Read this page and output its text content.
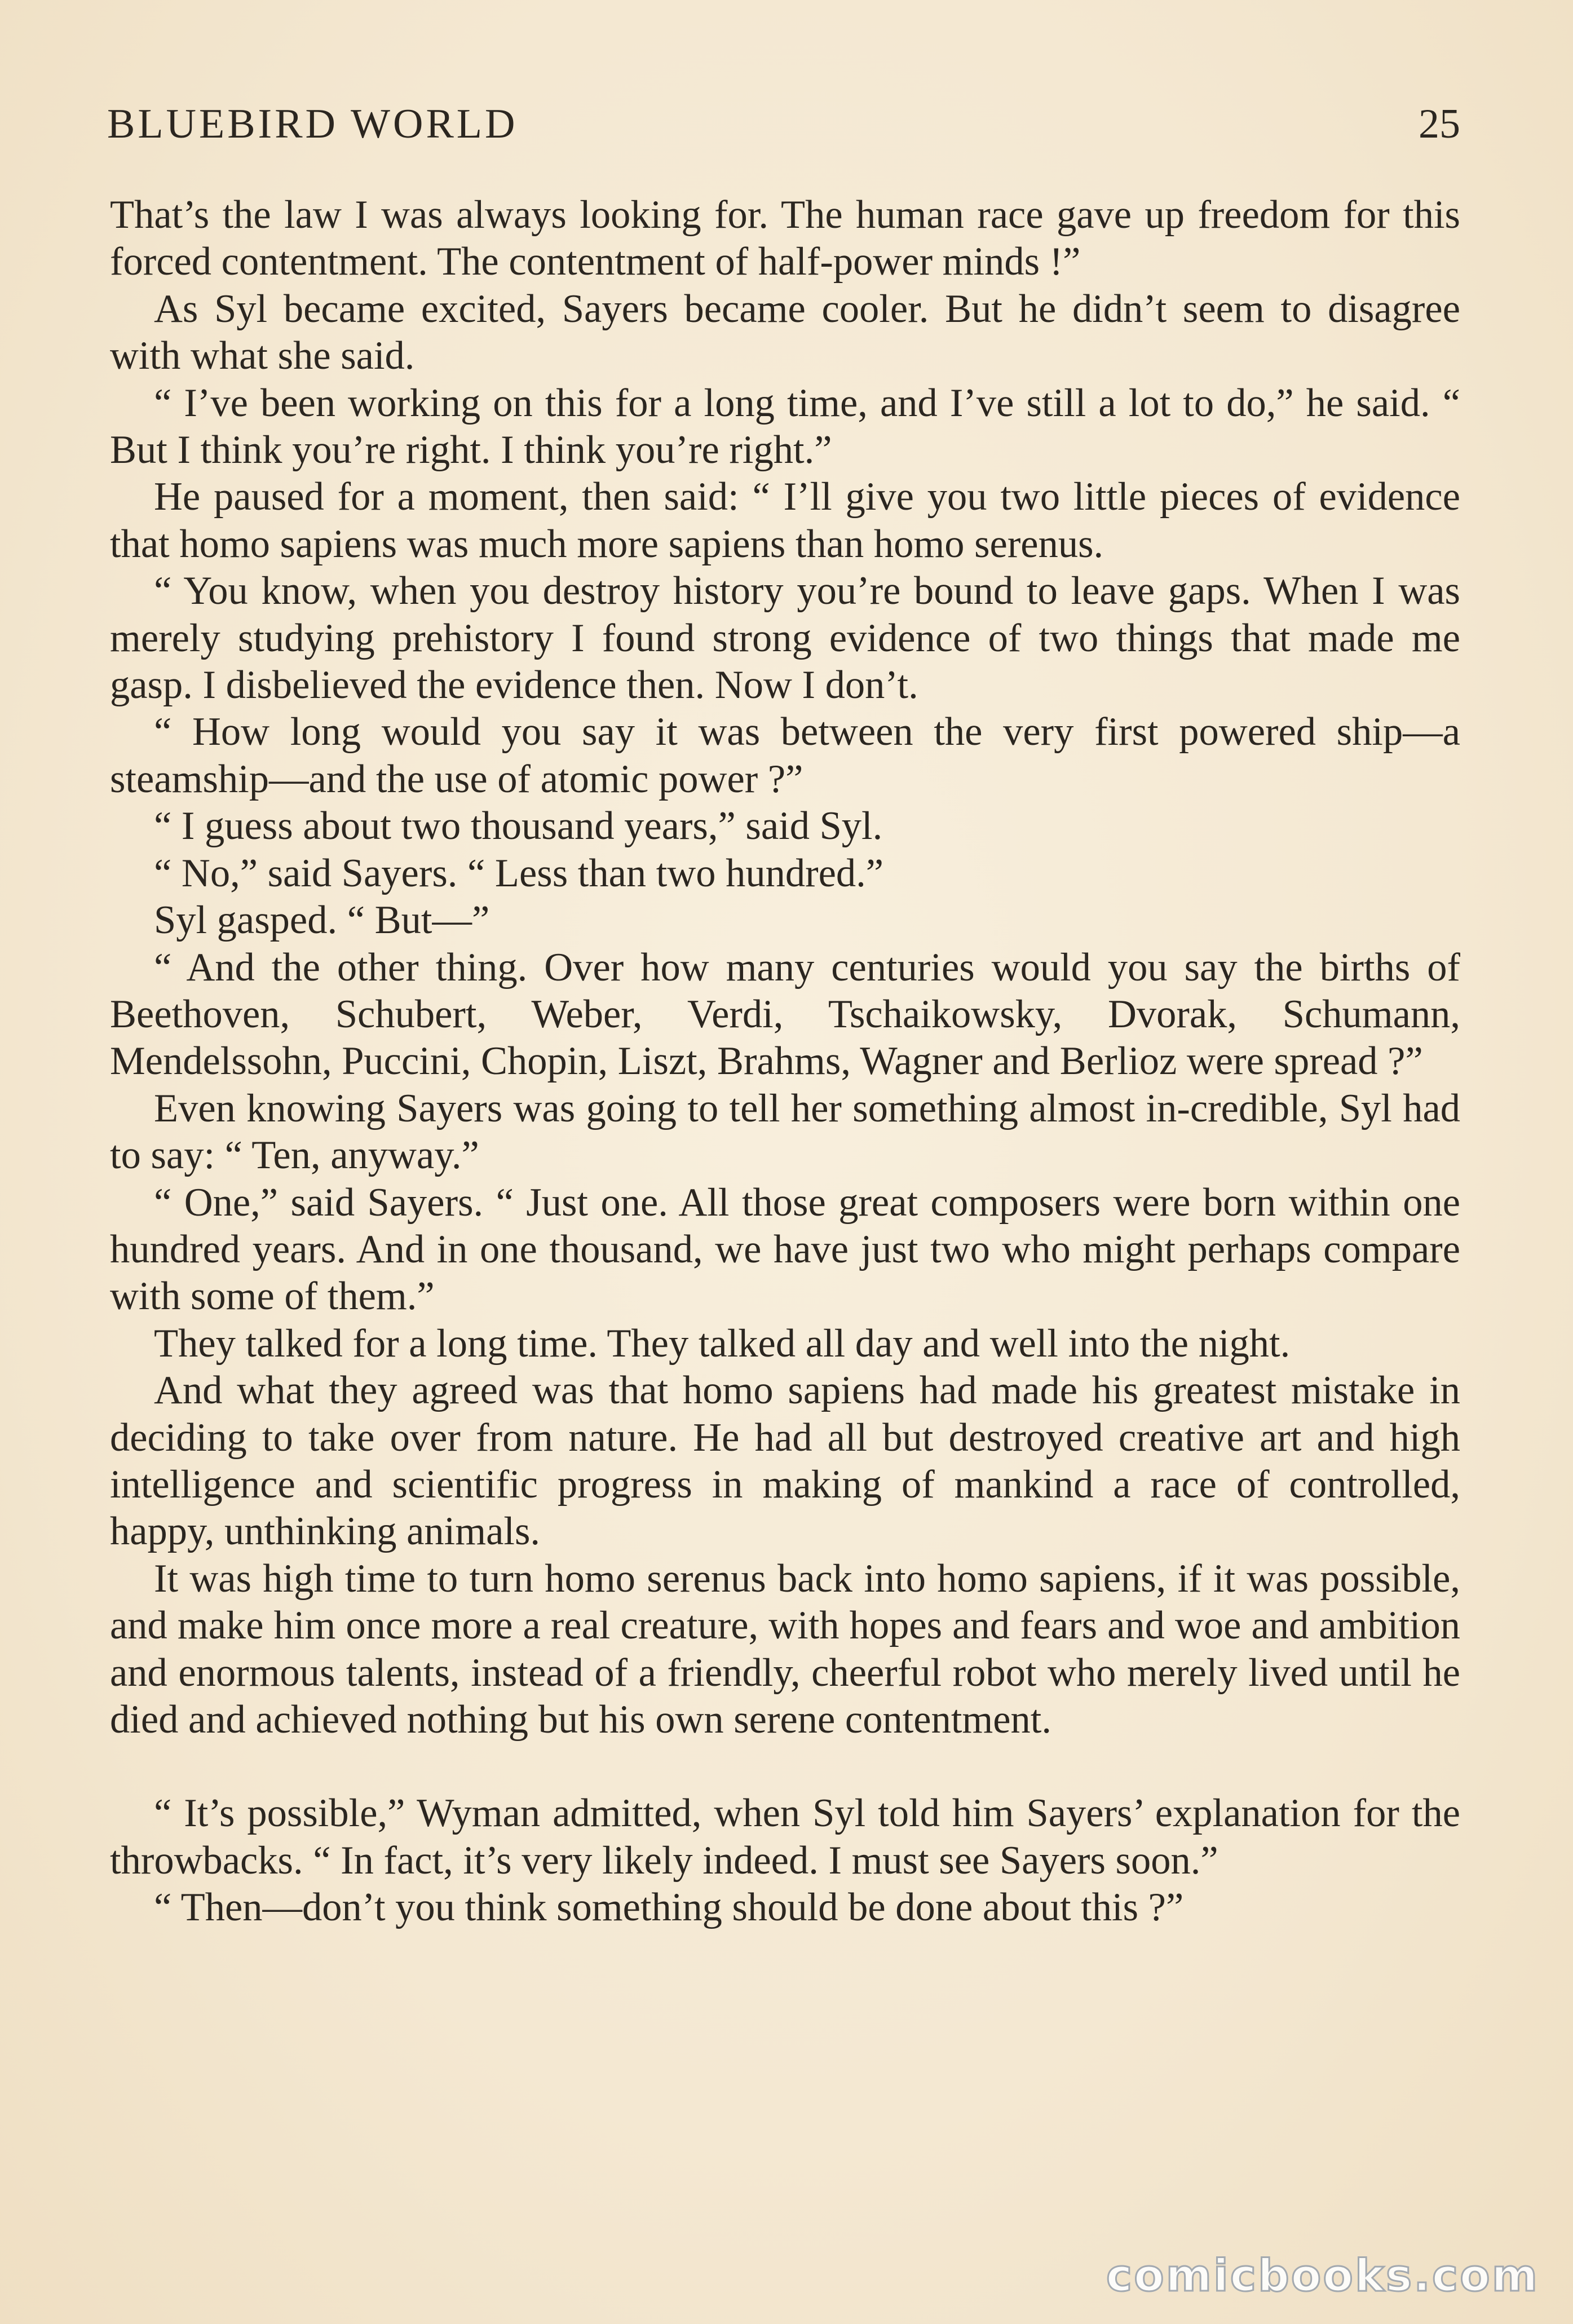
BLUEBIRD WORLD	25

That’s the law I was always looking for. The human race gave up freedom for this forced contentment. The contentment of half-power minds !”

As Syl became excited, Sayers became cooler. But he didn’t seem to disagree with what she said.

“ I’ve been working on this for a long time, and I’ve still a lot to do,” he said. “ But I think you’re right. I think you’re right.”

He paused for a moment, then said: “ I’ll give you two little pieces of evidence that homo sapiens was much more sapiens than homo serenus.

“ You know, when you destroy history you’re bound to leave gaps. When I was merely studying prehistory I found strong evidence of two things that made me gasp. I disbelieved the evidence then. Now I don’t.

“ How long would you say it was between the very first powered ship—a steamship—and the use of atomic power ?”

“ I guess about two thousand years,” said Syl.

“ No,” said Sayers. “ Less than two hundred.”

Syl gasped. “ But—”

“ And the other thing. Over how many centuries would you say the births of Beethoven, Schubert, Weber, Verdi, Tschaikowsky, Dvorak, Schumann, Mendelssohn, Puccini, Chopin, Liszt, Brahms, Wagner and Berlioz were spread ?”

Even knowing Sayers was going to tell her something almost in-credible, Syl had to say: “ Ten, anyway.”

“ One,” said Sayers. “ Just one. All those great composers were born within one hundred years. And in one thousand, we have just two who might perhaps compare with some of them.”

They talked for a long time. They talked all day and well into the night.

And what they agreed was that homo sapiens had made his greatest mistake in deciding to take over from nature. He had all but destroyed creative art and high intelligence and scientific progress in making of mankind a race of controlled, happy, unthinking animals.

It was high time to turn homo serenus back into homo sapiens, if it was possible, and make him once more a real creature, with hopes and fears and woe and ambition and enormous talents, instead of a friendly, cheerful robot who merely lived until he died and achieved nothing but his own serene contentment.

“ It’s possible,” Wyman admitted, when Syl told him Sayers’ explanation for the throwbacks. “ In fact, it’s very likely indeed. I must see Sayers soon.”

“ Then—don’t you think something should be done about this ?”

comicbooks.com
